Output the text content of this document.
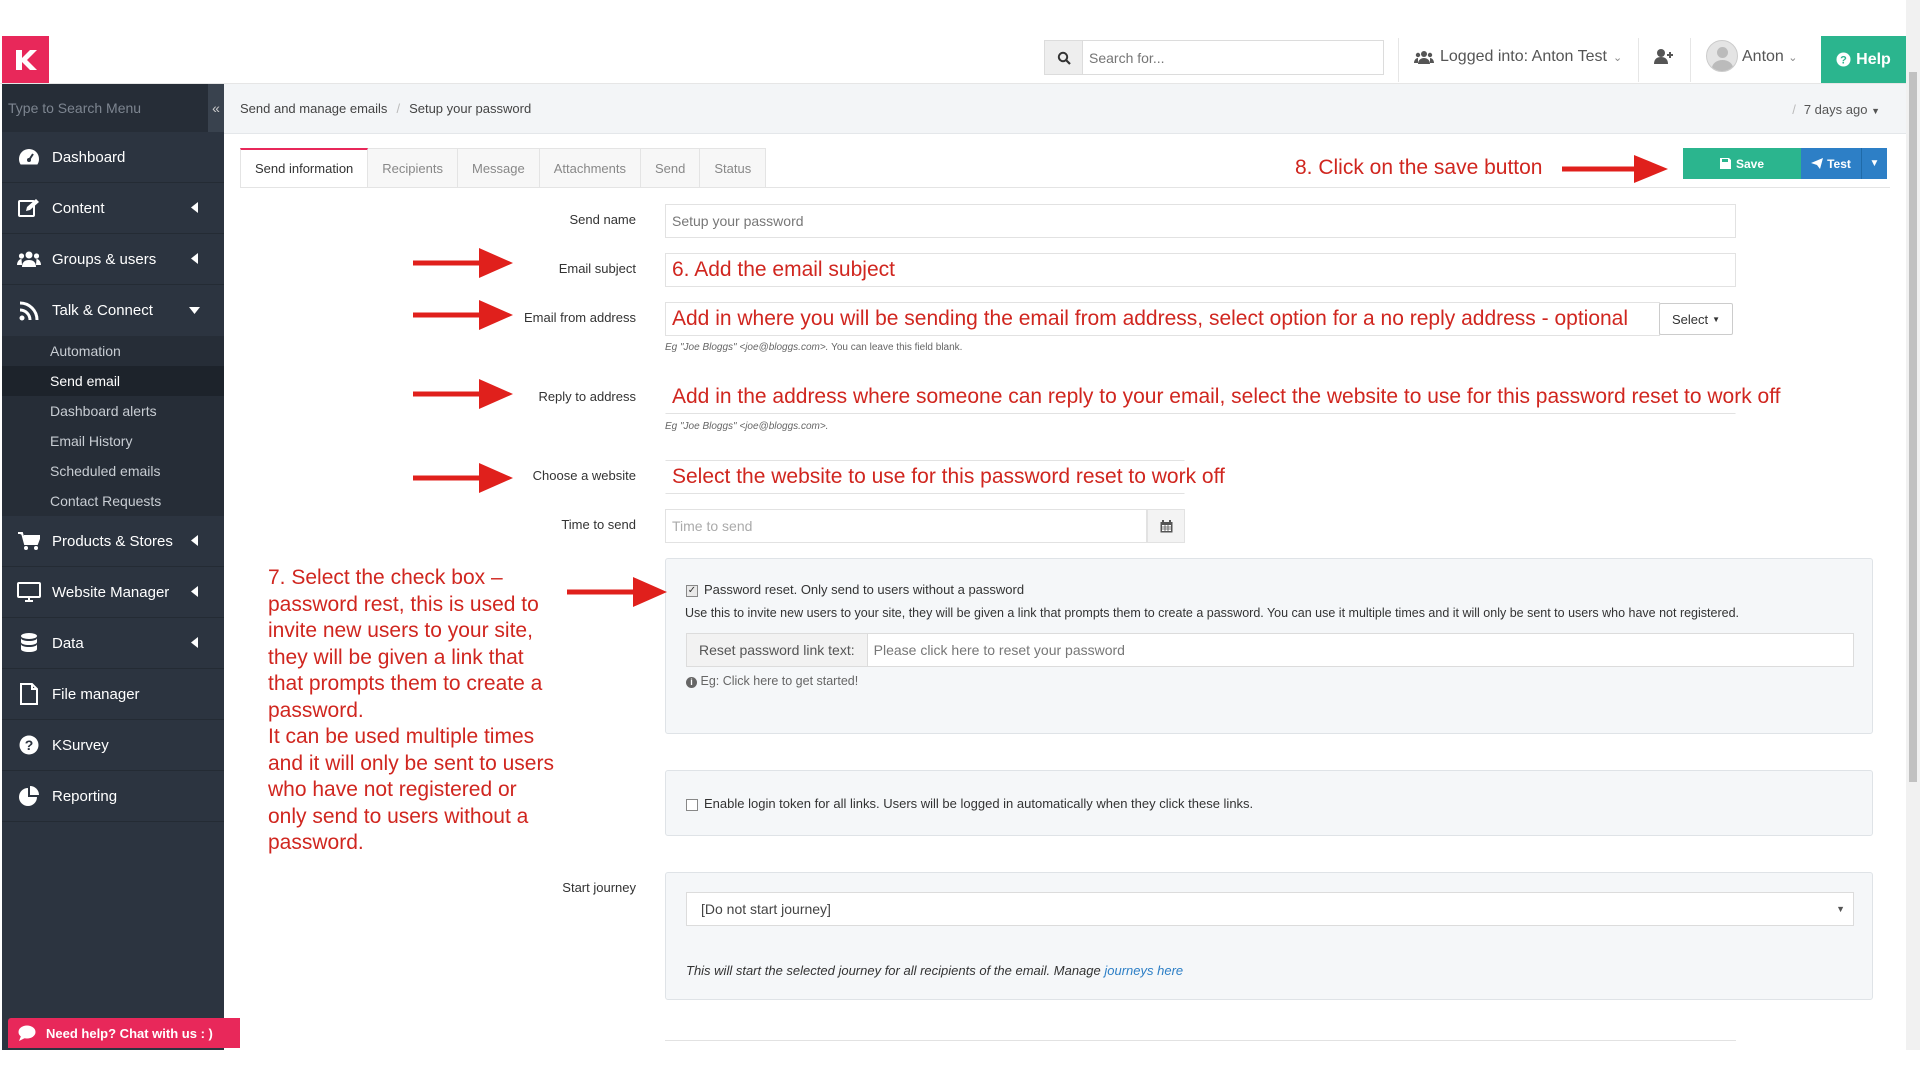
Search for...
Logged into: Anton Test ⌄	Anton ⌄	? Help
Type to Search Menu	«
Dashboard
Content
Groups & users
Talk & Connect
Automation
Send email
Dashboard alerts
Email History
Scheduled emails
Contact Requests
Products & Stores
Website Manager
Data
File manager
? KSurvey
Reporting
Need help? Chat with us : )
Send and manage emails / Setup your password	/ 7 days ago ▼
Send information	Recipients	Message	Attachments	Send	Status	Save	Test ▼
Send name	Setup your password
Email subject	6. Add the email subject
Email from address	Add in where you will be sending the email from address, select option for a no reply address - optional	Select ▼
Eg "Joe Bloggs" <joe@bloggs.com>. You can leave this field blank.
Reply to address	Add in the address where someone can reply to your email, select the website to use for this password reset to work off
Eg "Joe Bloggs" <joe@bloggs.com>.
Choose a website	Select the website to use for this password reset to work off
Time to send	Time to send
✓ Password reset. Only send to users without a password
Use this to invite new users to your site, they will be given a link that prompts them to create a password. You can use it multiple times and it will only be sent to users who have not registered.
Reset password link text:	Please click here to reset your password
i Eg: Click here to get started!
Enable login token for all links. Users will be logged in automatically when they click these links.
Start journey
[Do not start journey]	▼
This will start the selected journey for all recipients of the email. Manage journeys here
8. Click on the save button
7. Select the check box –
password rest, this is used to
invite new users to your site,
they will be given a link that
that prompts them to create a
password.
It can be used multiple times
and it will only be sent to users
who have not registered or
only send to users without a
password.
